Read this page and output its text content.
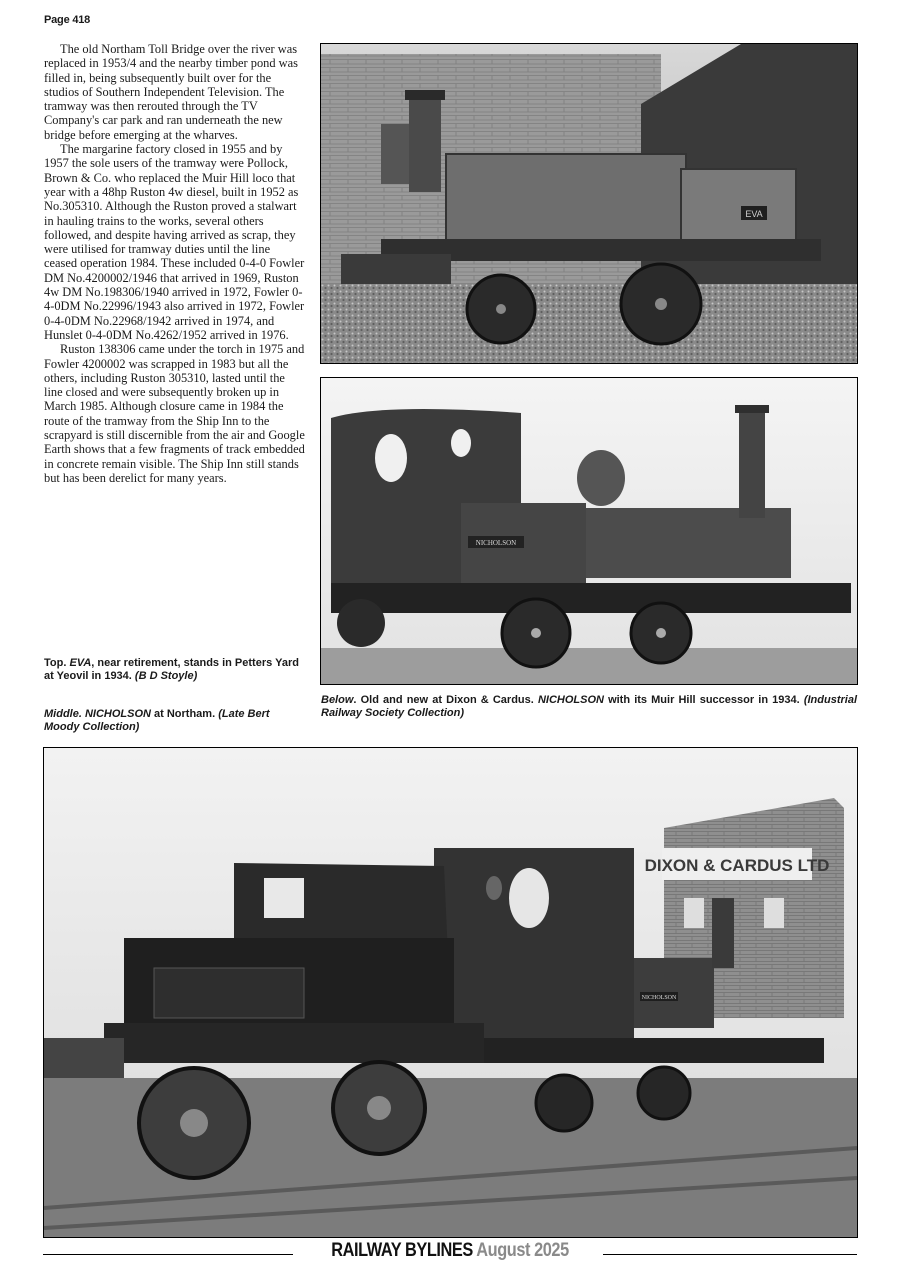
Page 418

The old Northam Toll Bridge over the river was replaced in 1953/4 and the nearby timber pond was filled in, being subsequently built over for the studios of Southern Independent Television. The tramway was then rerouted through the TV Company's car park and ran underneath the new bridge before emerging at the wharves.

The margarine factory closed in 1955 and by 1957 the sole users of the tramway were Pollock, Brown & Co. who replaced the Muir Hill loco that year with a 48hp Ruston 4w diesel, built in 1952 as No.305310. Although the Ruston proved a stalwart in hauling trains to the works, several others followed, and despite having arrived as scrap, they were utilised for tramway duties until the line ceased operation 1984. These included 0-4-0 Fowler DM No.4200002/1946 that arrived in 1969, Ruston 4w DM No.198306/1940 arrived in 1972, Fowler 0-4-0DM No.22996/1943 also arrived in 1972, Fowler 0-4-0DM No.22968/1942 arrived in 1974, and Hunslet 0-4-0DM No.4262/1952 arrived in 1976.

Ruston 138306 came under the torch in 1975 and Fowler 4200002 was scrapped in 1983 but all the others, including Ruston 305310, lasted until the line closed and were subsequently broken up in March 1985. Although closure came in 1984 the route of the tramway from the Ship Inn to the scrapyard is still discernible from the air and Google Earth shows that a few fragments of track embedded in concrete remain visible. The Ship Inn still stands but has been derelict for many years.

Top. EVA, near retirement, stands in Petters Yard at Yeovil in 1934. (B D Stoyle)
Middle. NICHOLSON at Northam. (Late Bert Moody Collection)
Below. Old and new at Dixon & Cardus. NICHOLSON with its Muir Hill successor in 1934. (Industrial Railway Society Collection)
EVA
NICHOLSON
DIXON & CARDUS LTD
NICHOLSON
RAILWAY BYLINES August 2025
